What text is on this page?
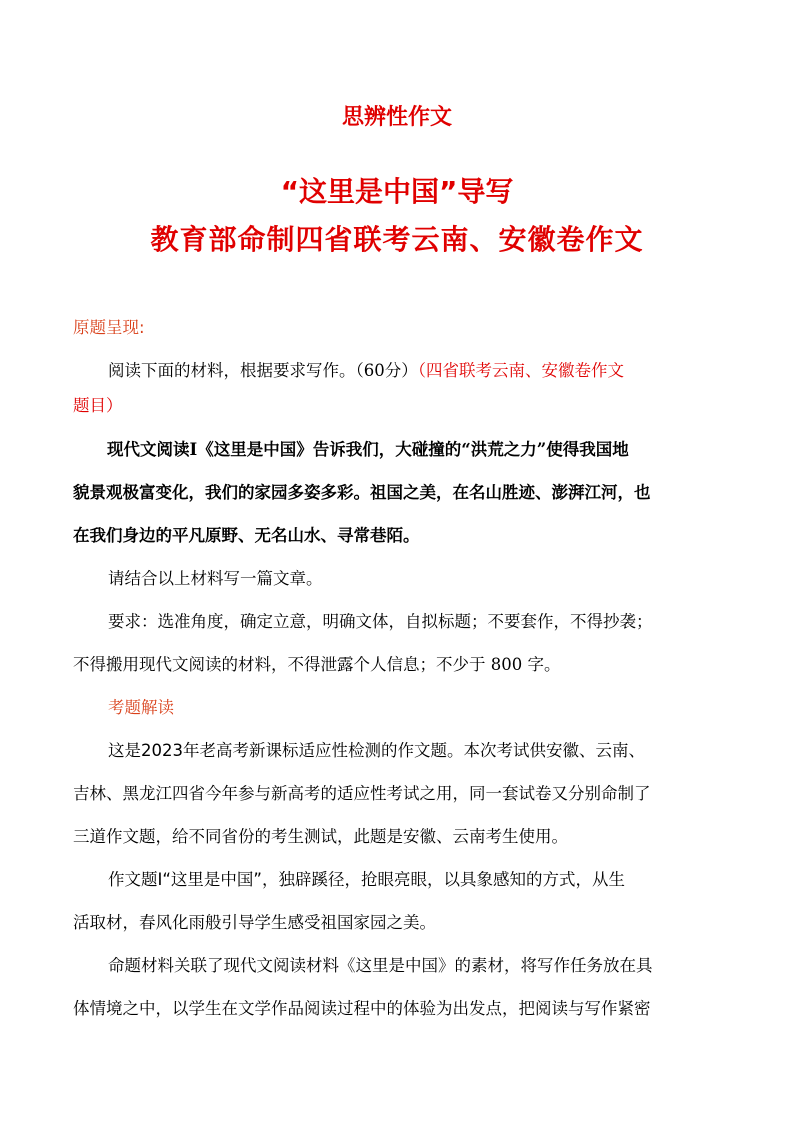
思辨性作文
“这里是中国”导写
教育部命制四省联考云南、安徽卷作文
原题呈现:
阅读下面的材料，根据要求写作。（60分）（四省联考云南、安徽卷作文
题目）
现代文阅读Ⅰ《这里是中国》告诉我们，大碰撞的“洪荒之力”使得我国地
貌景观极富变化，我们的家园多姿多彩。祖国之美，在名山胜迹、澎湃江河，也
在我们身边的平凡原野、无名山水、寻常巷陌。
请结合以上材料写一篇文章。
要求：选准角度，确定立意，明确文体，自拟标题；不要套作，不得抄袭；
不得搬用现代文阅读的材料，不得泄露个人信息；不少于 800 字。
考题解读
这是2023年老高考新课标适应性检测的作文题。本次考试供安徽、云南、
吉林、黑龙江四省今年参与新高考的适应性考试之用，同一套试卷又分别命制了
三道作文题，给不同省份的考生测试，此题是安徽、云南考生使用。
作文题Ⅰ“这里是中国”，独辟蹊径，抢眼亮眼，以具象感知的方式，从生
活取材，春风化雨般引导学生感受祖国家园之美。
命题材料关联了现代文阅读材料《这里是中国》的素材，将写作任务放在具
体情境之中，以学生在文学作品阅读过程中的体验为出发点，把阅读与写作紧密
